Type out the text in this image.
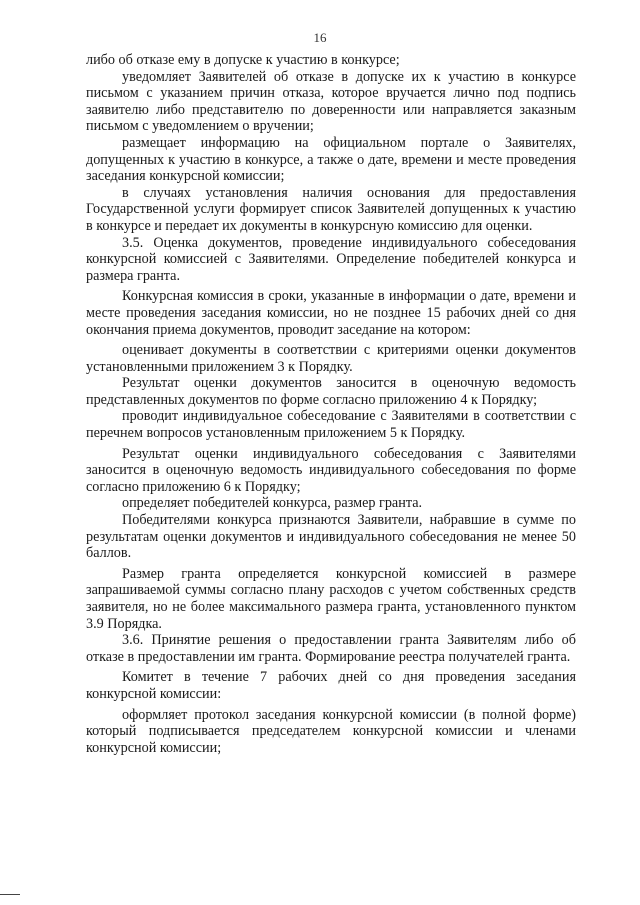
16

либо об отказе ему в допуске к участию в конкурсе;

уведомляет Заявителей об отказе в допуске их к участию в конкурсе письмом с указанием причин отказа, которое вручается лично под подпись заявителю либо представителю по доверенности или направляется заказным письмом с уведомлением о вручении;

размещает информацию на официальном портале о Заявителях, допущенных к участию в конкурсе, а также о дате, времени и месте проведения заседания конкурсной комиссии;

в случаях установления наличия основания для предоставления Государственной услуги формирует список Заявителей допущенных к участию в конкурсе и передает их документы в конкурсную комиссию для оценки.

3.5. Оценка документов, проведение индивидуального собеседования конкурсной комиссией с Заявителями. Определение победителей конкурса и размера гранта.

Конкурсная комиссия в сроки, указанные в информации о дате, времени и месте проведения заседания комиссии, но не позднее 15 рабочих дней со дня окончания приема документов, проводит заседание на котором:

оценивает документы в соответствии с критериями оценки документов установленными приложением 3 к Порядку.

Результат оценки документов заносится в оценочную ведомость представленных документов по форме согласно приложению 4 к Порядку;

проводит индивидуальное собеседование с Заявителями в соответствии с перечнем вопросов установленным приложением 5 к Порядку.

Результат оценки индивидуального собеседования с Заявителями заносится в оценочную ведомость индивидуального собеседования по форме согласно приложению 6 к Порядку;

определяет победителей конкурса, размер гранта.

Победителями конкурса признаются Заявители, набравшие в сумме по результатам оценки документов и индивидуального собеседования не менее 50 баллов.

Размер гранта определяется конкурсной комиссией в размере запрашиваемой суммы согласно плану расходов с учетом собственных средств заявителя, но не более максимального размера гранта, установленного пунктом 3.9 Порядка.

3.6. Принятие решения о предоставлении гранта Заявителям либо об отказе в предоставлении им гранта. Формирование реестра получателей гранта.

Комитет в течение 7 рабочих дней со дня проведения заседания конкурсной комиссии:

оформляет протокол заседания конкурсной комиссии (в полной форме) который подписывается председателем конкурсной комиссии и членами конкурсной комиссии;
